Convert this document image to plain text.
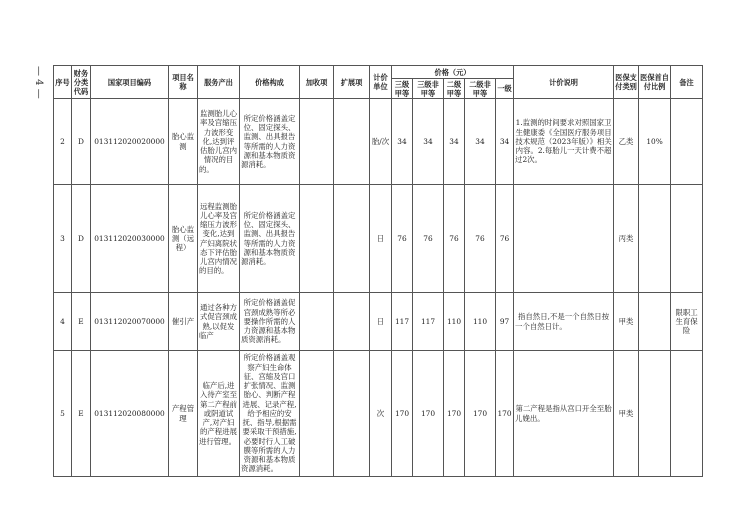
— 4 — 序号	财务分类代码	国家项目编码	项目名称	服务产出	价格构成	加收项	扩展项	计价单位	价格（元）					计价说明	医保支付类别	医保首自付比例	备注
									三级甲等	三级非甲等	二级甲等	二级非甲等	一级				
2	D	013112020020000	胎心监测	监测胎儿心率及宫缩压力波形变化,达到评估胎儿宫内情况的目的。	所定价格涵盖定位、固定探头、监测、出具报告等所需的人力资源和基本物质资源消耗。			胎/次	34	34	34	34	34	1.监测的时间要求对照国家卫生健康委《全国医疗服务项目技术规范（2023年版）》相关内容。2.每胎儿一天计费不超过2次。	乙类	10%	
3	D	013112020030000	胎心监测（远程）	远程监测胎儿心率及宫缩压力波形变化,达到产妇离院状态下评估胎儿宫内情况的目的。	所定价格涵盖定位、固定探头、监测、出具报告等所需的人力资源和基本物质资源消耗。			日	76	76	76	76	76		丙类		
4	E	013112020070000	催引产	通过各种方式促宫颈成熟,以促发临产	所定价格涵盖促宫颈成熟等所必要操作所需的人力资源和基本物质资源消耗。			日	117	117	110	110	97	指自然日,不是一个自然日按一个自然日计。	甲类		限职工生育保险
5	E	013112020080000	产程管理	临产后,进入待产室至第二产程前或阴道试产,对产妇的产程进展进行管理。	所定价格涵盖观察产妇生命体征、宫缩及宫口扩张情况、监测胎心、判断产程进展、记录产程,给予相应的安抚、指导,根据需要采取干预措施,必要时行人工破膜等所需的人力资源和基本物质资源消耗。			次	170	170	170	170	170	第二产程是指从宫口开全至胎儿娩出。	甲类		
